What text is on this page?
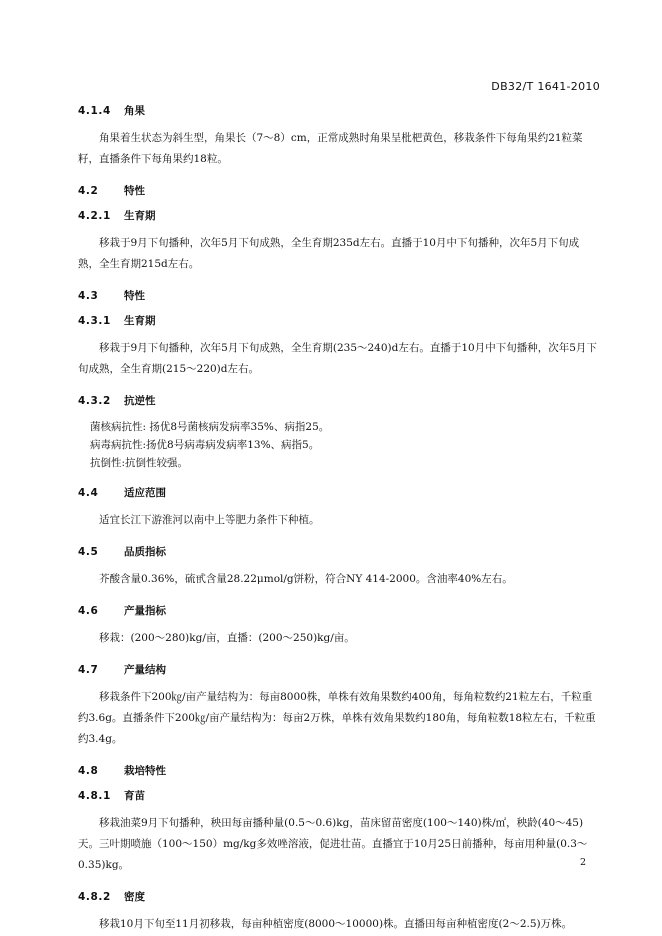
DB32/T 1641-2010
4.1.4 角果

角果着生状态为斜生型，角果长（7～8）cm，正常成熟时角果呈枇杷黄色，移栽条件下每角果约21粒菜籽，直播条件下每角果约18粒。

4.2 特性
4.2.1 生育期

移栽于9月下旬播种，次年5月下旬成熟，全生育期235d左右。直播于10月中下旬播种，次年5月下旬成熟，全生育期215d左右。

4.3 特性
4.3.1 生育期

移栽于9月下旬播种，次年5月下旬成熟，全生育期(235～240)d左右。直播于10月中下旬播种，次年5月下旬成熟，全生育期(215～220)d左右。

4.3.2 抗逆性

菌核病抗性: 扬优8号菌核病发病率35%、病指25。

病毒病抗性:扬优8号病毒病发病率13%、病指5。

抗倒性:抗倒性较强。

4.4 适应范围

适宜长江下游淮河以南中上等肥力条件下种植。

4.5 品质指标

芥酸含量0.36%，硫甙含量28.22μmol/g饼粉，符合NY 414-2000。含油率40%左右。

4.6 产量指标

移栽：(200～280)kg/亩，直播：(200～250)kg/亩。

4.7 产量结构

移栽条件下200㎏/亩产量结构为：每亩8000株，单株有效角果数约400角，每角粒数约21粒左右，千粒重约3.6g。直播条件下200㎏/亩产量结构为：每亩2万株，单株有效角果数约180角，每角粒数18粒左右，千粒重约3.4g。

4.8 栽培特性
4.8.1 育苗

移栽油菜9月下旬播种，秧田每亩播种量(0.5～0.6)kg，苗床留苗密度(100～140)株/㎡，秧龄(40～45)天。三叶期喷施（100～150）mg/kg多效唑溶液，促进壮苗。直播宜于10月25日前播种，每亩用种量(0.3～0.35)kg。

4.8.2 密度

移栽10月下旬至11月初移栽，每亩种植密度(8000～10000)株。直播田每亩种植密度(2～2.5)万株。

2
